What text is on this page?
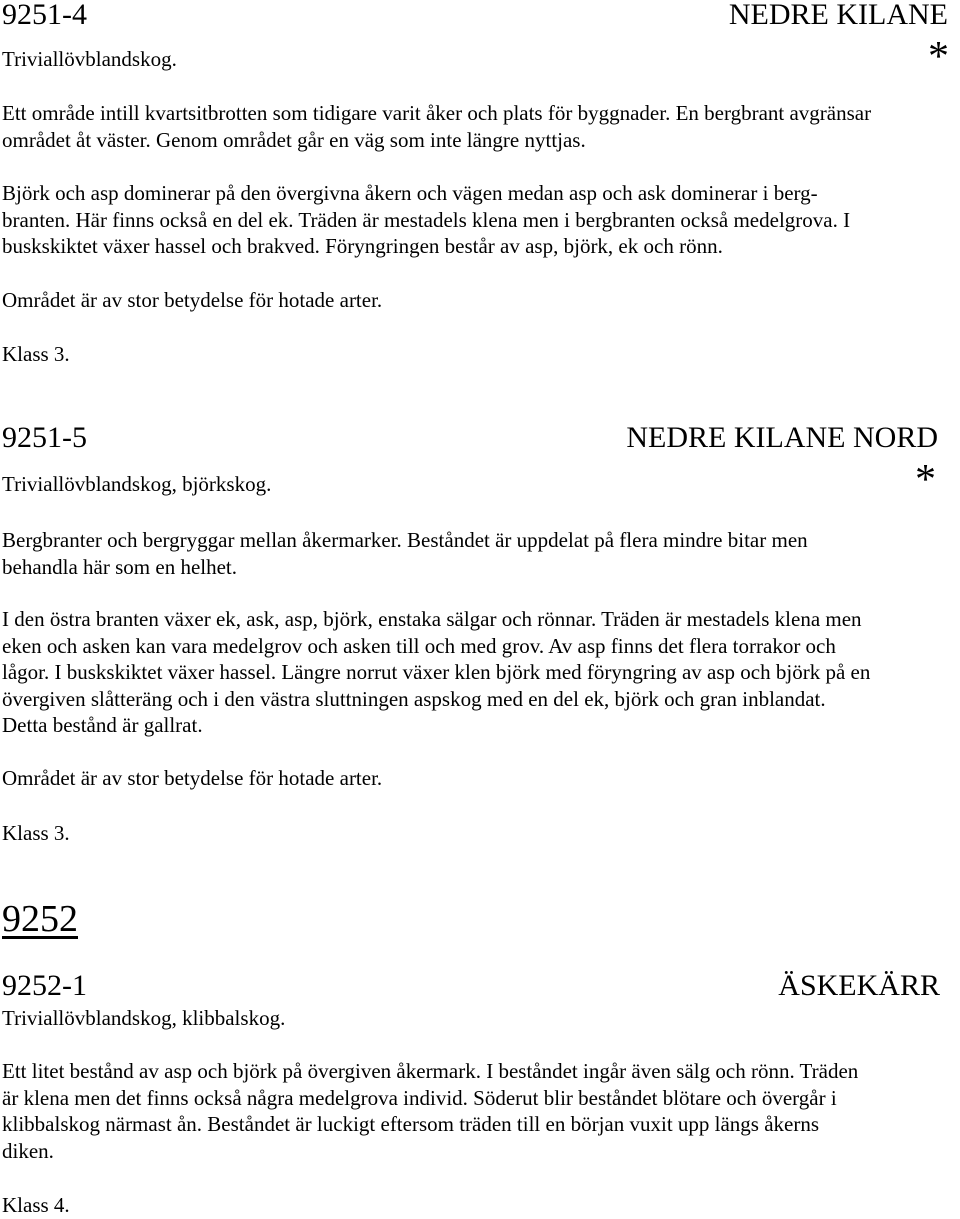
9251-4	NEDRE KILANE
Triviallövblandskog.	*

Ett område intill kvartsitbrotten som tidigare varit åker och plats för byggnader. En bergbrant avgränsar

området åt väster. Genom området går en väg som inte längre nyttjas.

Björk och asp dominerar på den övergivna åkern och vägen medan asp och ask dominerar i berg-

branten. Här finns också en del ek. Träden är mestadels klena men i bergbranten också medelgrova. I

buskskiktet växer hassel och brakved. Föryngringen består av asp, björk, ek och rönn.

Området är av stor betydelse för hotade arter.

Klass 3.
9251-5	NEDRE KILANE NORD
Triviallövblandskog, björkskog.	*

Bergbranter och bergryggar mellan åkermarker. Beståndet är uppdelat på flera mindre bitar men

behandla här som en helhet.

I den östra branten växer ek, ask, asp, björk, enstaka sälgar och rönnar. Träden är mestadels klena men

eken och asken kan vara medelgrov och asken till och med grov. Av asp finns det flera torrakor och

lågor. I buskskiktet växer hassel. Längre norrut växer klen björk med föryngring av asp och björk på en

övergiven slåtteräng och i den västra sluttningen aspskog med en del ek, björk och gran inblandat.

Detta bestånd är gallrat.

Området är av stor betydelse för hotade arter.

Klass 3.
9252
9252-1	ÄSKEKÄRR
Triviallövblandskog, klibbalskog.

Ett litet bestånd av asp och björk på övergiven åkermark. I beståndet ingår även sälg och rönn. Träden

är klena men det finns också några medelgrova individ. Söderut blir beståndet blötare och övergår i

klibbalskog närmast ån. Beståndet är luckigt eftersom träden till en början vuxit upp längs åkerns

diken.

Klass 4.
